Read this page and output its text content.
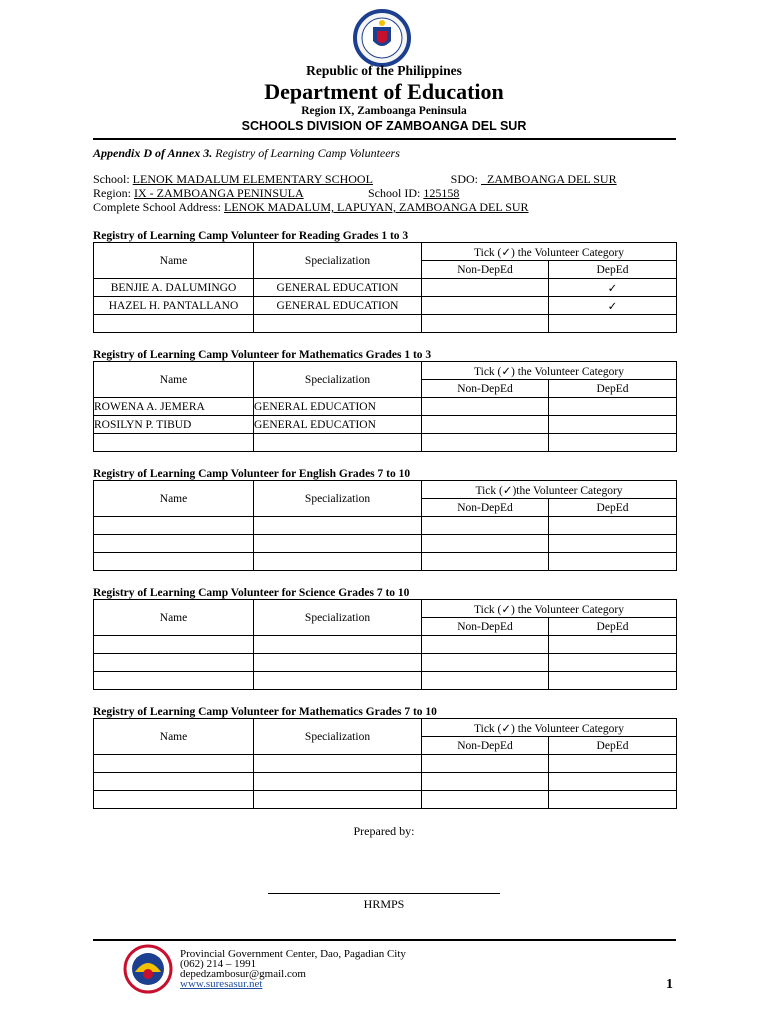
Republic of the Philippines
Department of Education
Region IX, Zamboanga Peninsula
SCHOOLS DIVISION OF ZAMBOANGA DEL SUR
Appendix D of Annex 3. Registry of Learning Camp Volunteers
School: LENOK MADALUM ELEMENTARY SCHOOL	SDO: ZAMBOANGA DEL SUR
Region: IX - ZAMBOANGA PENINSULA	School ID: 125158
Complete School Address: LENOK MADALUM, LAPUYAN, ZAMBOANGA DEL SUR
Registry of Learning Camp Volunteer for Reading Grades 1 to 3
Name	Specialization	Tick (✓) the Volunteer Category	
		Non-DepEd	DepEd
BENJIE A. DALUMINGO	GENERAL EDUCATION		✓
HAZEL H. PANTALLANO	GENERAL EDUCATION		✓

Registry of Learning Camp Volunteer for Mathematics Grades 1 to 3
Name	Specialization	Tick (✓) the Volunteer Category	
		Non-DepEd	DepEd
ROWENA A. JEMERA	GENERAL EDUCATION		
ROSILYN P. TIBUD	GENERAL EDUCATION		

Registry of Learning Camp Volunteer for English Grades 7 to 10
Name	Specialization	Tick (✓)the Volunteer Category	
		Non-DepEd	DepEd

Registry of Learning Camp Volunteer for Science Grades 7 to 10
Name	Specialization	Tick (✓) the Volunteer Category	
		Non-DepEd	DepEd

Registry of Learning Camp Volunteer for Mathematics Grades 7 to 10
Name	Specialization	Tick (✓) the Volunteer Category	
		Non-DepEd	DepEd

Prepared by:
HRMPS
Provincial Government Center, Dao, Pagadian City
(062) 214 – 1991
depedzambosur@gmail.com
www.suresasur.net	1
